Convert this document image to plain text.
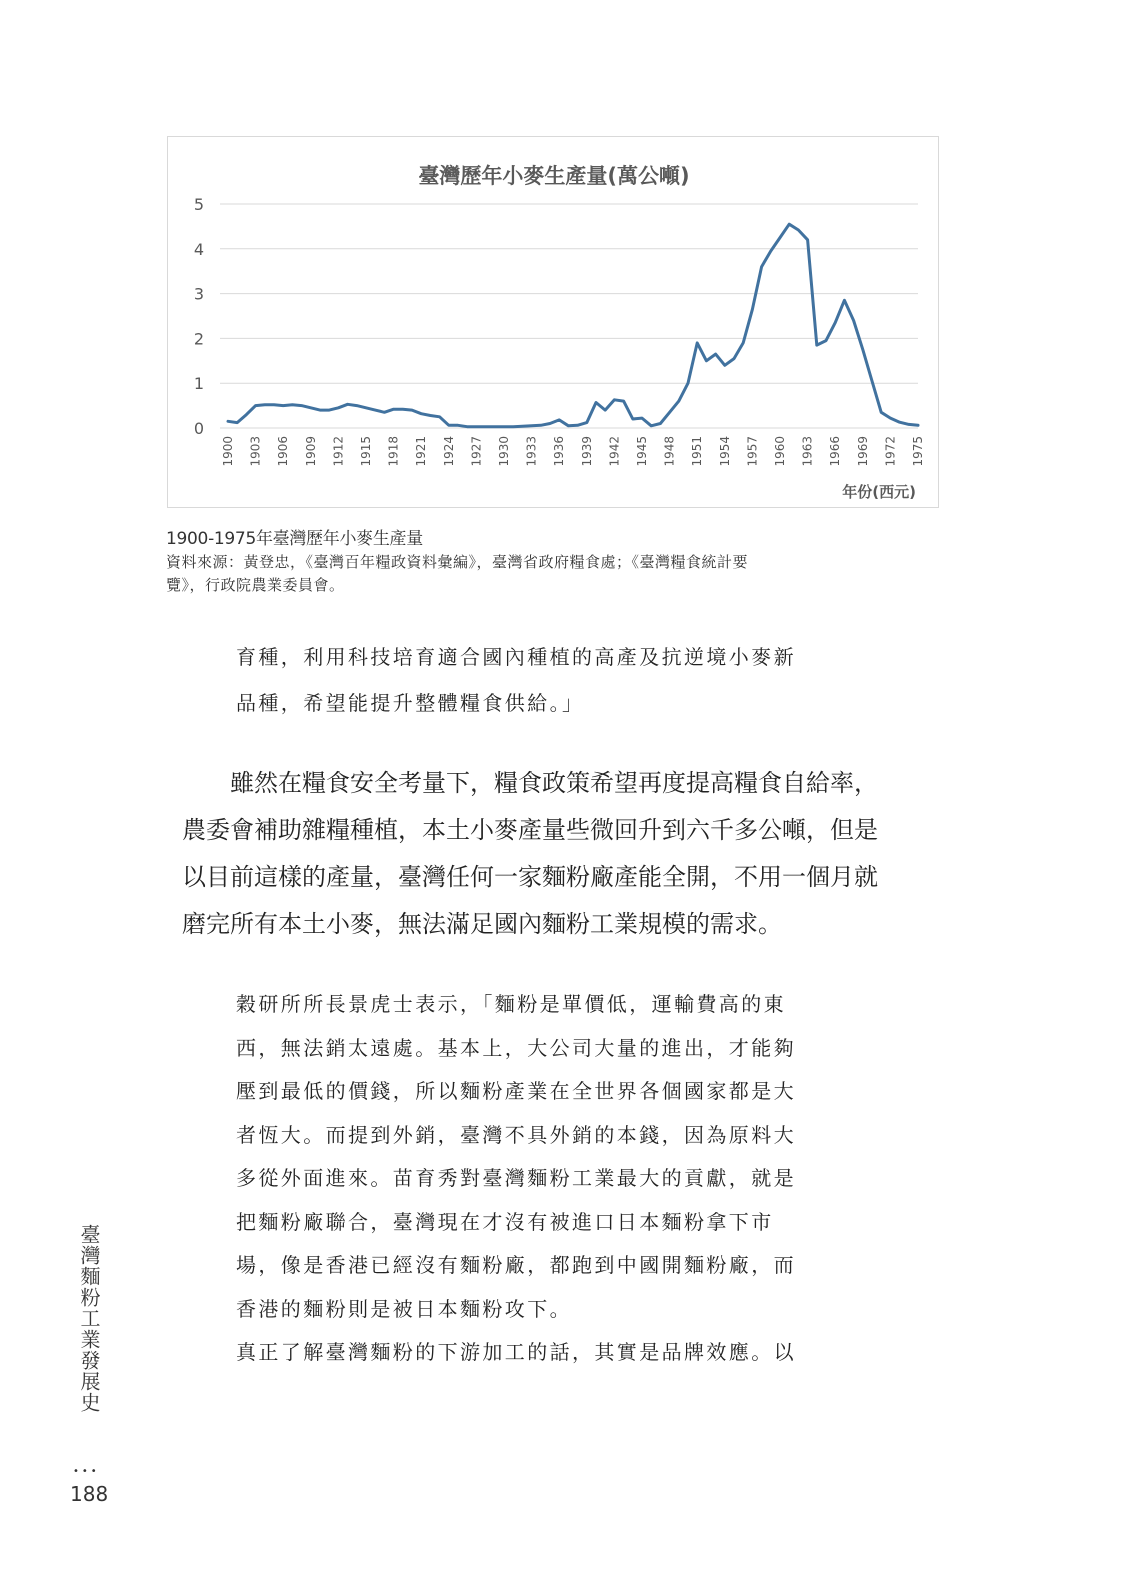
臺灣歷年小麥生產量(萬公噸)
0
1
2
3
4
5
1900 1903 1906 1909 1912 1915 1918 1921 1924 1927 1930 1933 1936 1939 1942 1945 1948 1951 1954 1957 1960 1963 1966 1969 1972 1975
年份(西元)
1900-1975年臺灣歷年小麥生產量
資料來源：黃登忠，《臺灣百年糧政資料彙編》，臺灣省政府糧食處；《臺灣糧食統計要
覽》，行政院農業委員會。
育種，利用科技培育適合國內種植的高產及抗逆境小麥新
品種，希望能提升整體糧食供給。」
　　雖然在糧食安全考量下，糧食政策希望再度提高糧食自給率，
農委會補助雜糧種植，本土小麥產量些微回升到六千多公噸，但是
以目前這樣的產量，臺灣任何一家麵粉廠產能全開，不用一個月就
磨完所有本土小麥，無法滿足國內麵粉工業規模的需求。
穀研所所長景虎士表示，「麵粉是單價低，運輸費高的東
西，無法銷太遠處。基本上，大公司大量的進出，才能夠
壓到最低的價錢，所以麵粉產業在全世界各個國家都是大
者恆大。而提到外銷，臺灣不具外銷的本錢，因為原料大
多從外面進來。苗育秀對臺灣麵粉工業最大的貢獻，就是
把麵粉廠聯合，臺灣現在才沒有被進口日本麵粉拿下市
場，像是香港已經沒有麵粉廠，都跑到中國開麵粉廠，而
香港的麵粉則是被日本麵粉攻下。
真正了解臺灣麵粉的下游加工的話，其實是品牌效應。以
臺灣麵粉工業發展史
•••
188
